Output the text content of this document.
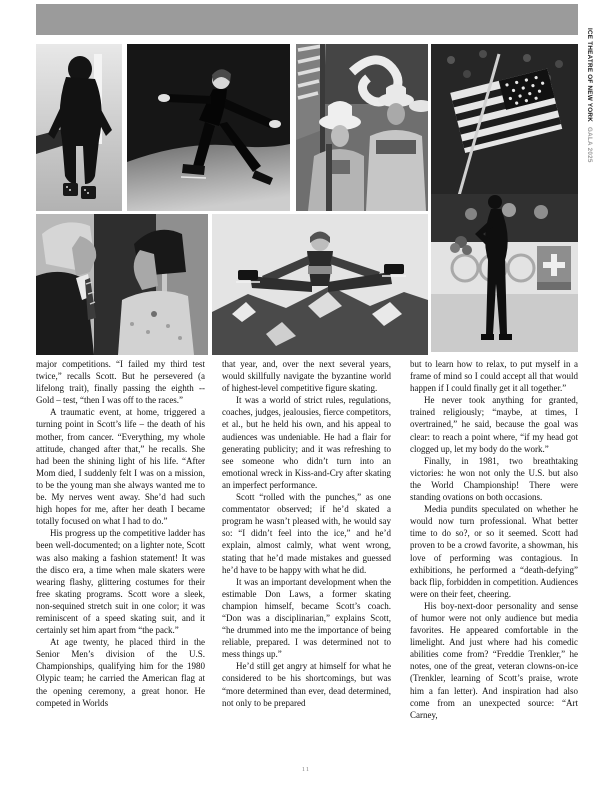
ICE THEATRE OF NEW YORK GALA 2025

major competitions. “I failed my third test twice,” recalls Scott. But he persevered (a lifelong trait), finally passing the eighth -- Gold – test, “then I was off to the races.”

A traumatic event, at home, triggered a turning point in Scott’s life – the death of his mother, from cancer. “Everything, my whole attitude, changed after that,” he recalls. She had been the shining light of his life. “After Mom died, I suddenly felt I was on a mission, to be the young man she always wanted me to be. My nerves went away. She’d had such high hopes for me, after her death I became totally focused on what I had to do.”

His progress up the competitive ladder has been well-documented; on a lighter note, Scott was also making a fashion statement! It was the disco era, a time when male skaters were wearing flashy, glittering costumes for their free skating programs. Scott wore a sleek, non-sequined stretch suit in one color; it was reminiscent of a speed skating suit, and it certainly set him apart from “the pack.”

At age twenty, he placed third in the Senior Men’s division of the U.S. Championships, qualifying him for the 1980 Olypic team; he carried the American flag at the opening ceremony, a great honor. He competed in Worlds

that year, and, over the next several years, would skillfully navigate the byzantine world of highest-level competitive figure skating.

It was a world of strict rules, regulations, coaches, judges, jealousies, fierce competitors, et al., but he held his own, and his appeal to audiences was undeniable. He had a flair for generating publicity; and it was refreshing to see someone who didn’t turn into an emotional wreck in Kiss-and-Cry after skating an imperfect performance.

Scott “rolled with the punches,” as one commentator observed; if he’d skated a program he wasn’t pleased with, he would say so: “I didn’t feel into the ice,” and he’d explain, almost calmly, what went wrong, stating that he’d made mistakes and guessed he’d have to be happy with what he did.

It was an important development when the estimable Don Laws, a former skating champion himself, became Scott’s coach. “Don was a disciplinarian,” explains Scott, “he drummed into me the importance of being reliable, prepared. I was determined not to mess things up.”

He’d still get angry at himself for what he considered to be his shortcomings, but was “more determined than ever, dead determined, not only to be prepared

but to learn how to relax, to put myself in a frame of mind so I could accept all that would happen if I could finally get it all together.”

He never took anything for granted, trained religiously; “maybe, at times, I overtrained,” he said, because the goal was clear: to reach a point where, “if my head got clogged up, let my body do the work.”

Finally, in 1981, two breathtaking victories: he won not only the U.S. but also the World Championship! There were standing ovations on both occasions.

Media pundits speculated on whether he would now turn professional. What better time to do so?, or so it seemed. Scott had proven to be a crowd favorite, a showman, his love of performing was contagious. In exhibitions, he performed a “death-defying” back flip, forbidden in competition. Audiences were on their feet, cheering.

His boy-next-door personality and sense of humor were not only audience but media favorites. He appeared comfortable in the limelight. And just where had his comedic abilities come from? “Freddie Trenkler,” he notes, one of the great, veteran clowns-on-ice (Trenkler, learning of Scott’s praise, wrote him a fan letter). And inspiration had also come from an unexpected source: “Art Carney,

11
